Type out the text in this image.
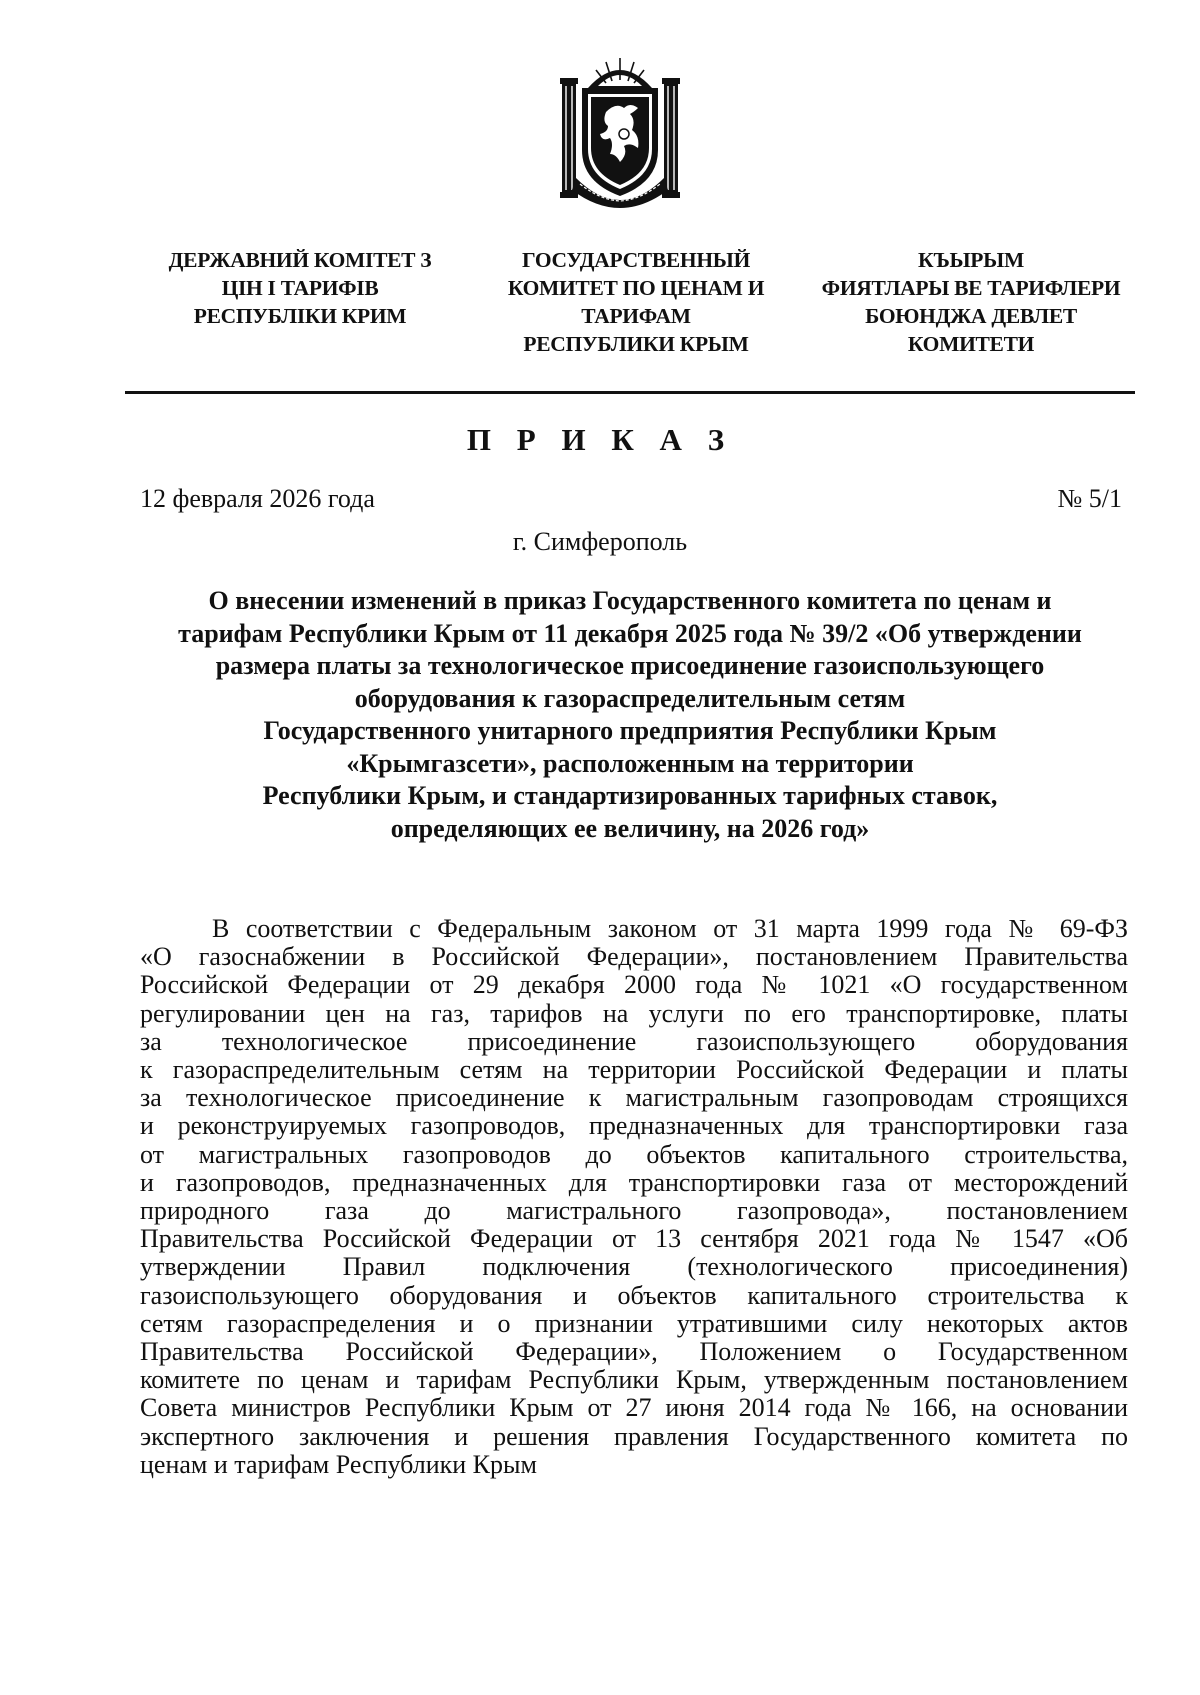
ДЕРЖАВНИЙ КОМІТЕТ З
ЦІН І ТАРИФІВ
РЕСПУБЛІКИ КРИМ
ГОСУДАРСТВЕННЫЙ
КОМИТЕТ ПО ЦЕНАМ И
ТАРИФАМ
РЕСПУБЛИКИ КРЫМ
КЪЫРЫМ
ФИЯТЛАРЫ ВЕ ТАРИФЛЕРИ
БОЮНДЖА ДЕВЛЕТ
КОМИТЕТИ
П Р И К А З
12 февраля 2026 года	№ 5/1
г. Симферополь
О внесении изменений в приказ Государственного комитета по ценам и
тарифам Республики Крым от 11 декабря 2025 года № 39/2 «Об утверждении
размера платы за технологическое присоединение газоиспользующего
оборудования к газораспределительным сетям
Государственного унитарного предприятия Республики Крым
«Крымгазсети», расположенным на территории
Республики Крым, и стандартизированных тарифных ставок,
определяющих ее величину, на 2026 год»
В соответствии с Федеральным законом от 31 марта 1999 года № 69-ФЗ
«О газоснабжении в Российской Федерации», постановлением Правительства
Российской Федерации от 29 декабря 2000 года № 1021 «О государственном
регулировании цен на газ, тарифов на услуги по его транспортировке, платы
за технологическое присоединение газоиспользующего оборудования
к газораспределительным сетям на территории Российской Федерации и платы
за технологическое присоединение к магистральным газопроводам строящихся
и реконструируемых газопроводов, предназначенных для транспортировки газа
от магистральных газопроводов до объектов капитального строительства,
и газопроводов, предназначенных для транспортировки газа от месторождений
природного газа до магистрального газопровода», постановлением
Правительства Российской Федерации от 13 сентября 2021 года № 1547 «Об
утверждении Правил подключения (технологического присоединения)
газоиспользующего оборудования и объектов капитального строительства к
сетям газораспределения и о признании утратившими силу некоторых актов
Правительства Российской Федерации», Положением о Государственном
комитете по ценам и тарифам Республики Крым, утвержденным постановлением
Совета министров Республики Крым от 27 июня 2014 года № 166, на основании
экспертного заключения и решения правления Государственного комитета по
ценам и тарифам Республики Крым
